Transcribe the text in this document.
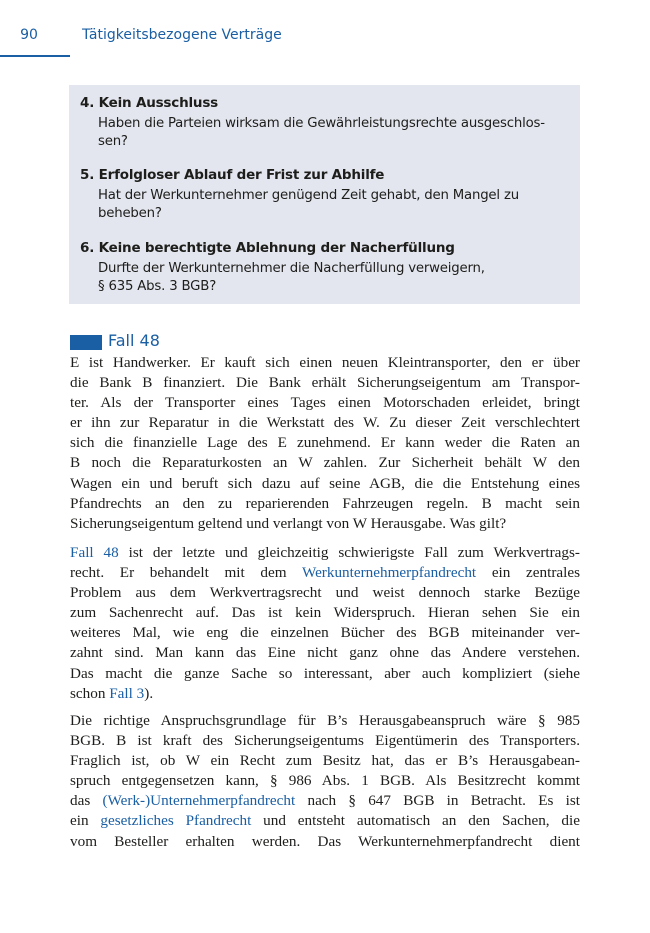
90	Tätigkeitsbezogene Verträge
4. Kein Ausschluss
Haben die Parteien wirksam die Gewährleistungsrechte ausgeschlos-
sen?
5. Erfolgloser Ablauf der Frist zur Abhilfe
Hat der Werkunternehmer genügend Zeit gehabt, den Mangel zu
beheben?
6. Keine berechtigte Ablehnung der Nacherfüllung
Durfte der Werkunternehmer die Nacherfüllung verweigern,
§ 635 Abs. 3 BGB?
Fall 48
E ist Handwerker. Er kauft sich einen neuen Kleintransporter, den er über
die Bank B finanziert. Die Bank erhält Sicherungseigentum am Transpor-
ter. Als der Transporter eines Tages einen Motorschaden erleidet, bringt
er ihn zur Reparatur in die Werkstatt des W. Zu dieser Zeit verschlechtert
sich die finanzielle Lage des E zunehmend. Er kann weder die Raten an
B noch die Reparaturkosten an W zahlen. Zur Sicherheit behält W den
Wagen ein und beruft sich dazu auf seine AGB, die die Entstehung eines
Pfandrechts an den zu reparierenden Fahrzeugen regeln. B macht sein
Sicherungseigentum geltend und verlangt von W Herausgabe. Was gilt?
Fall 48 ist der letzte und gleichzeitig schwierigste Fall zum Werkvertrags-
recht. Er behandelt mit dem Werkunternehmerpfandrecht ein zentrales
Problem aus dem Werkvertragsrecht und weist dennoch starke Bezüge
zum Sachenrecht auf. Das ist kein Widerspruch. Hieran sehen Sie ein
weiteres Mal, wie eng die einzelnen Bücher des BGB miteinander ver-
zahnt sind. Man kann das Eine nicht ganz ohne das Andere verstehen.
Das macht die ganze Sache so interessant, aber auch kompliziert (siehe
schon Fall 3).
Die richtige Anspruchsgrundlage für B’s Herausgabeanspruch wäre § 985
BGB. B ist kraft des Sicherungseigentums Eigentümerin des Transporters.
Fraglich ist, ob W ein Recht zum Besitz hat, das er B’s Herausgabean-
spruch entgegensetzen kann, § 986 Abs. 1 BGB. Als Besitzrecht kommt
das (Werk-)Unternehmerpfandrecht nach § 647 BGB in Betracht. Es ist
ein gesetzliches Pfandrecht und entsteht automatisch an den Sachen, die
vom Besteller erhalten werden. Das Werkunternehmerpfandrecht dient
